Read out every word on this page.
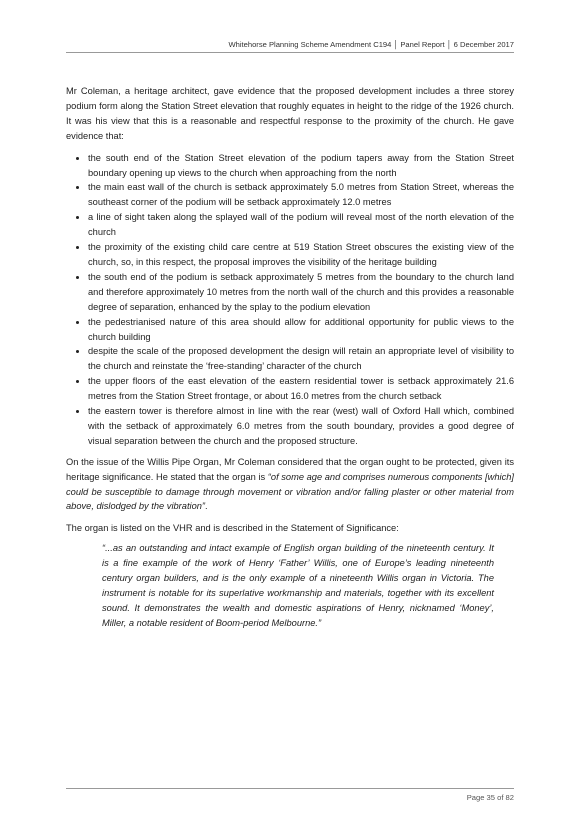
Whitehorse Planning Scheme Amendment C194 │ Panel Report │ 6 December 2017

Mr Coleman, a heritage architect, gave evidence that the proposed development includes a three storey podium form along the Station Street elevation that roughly equates in height to the ridge of the 1926 church. It was his view that this is a reasonable and respectful response to the proximity of the church. He gave evidence that:

• the south end of the Station Street elevation of the podium tapers away from the Station Street boundary opening up views to the church when approaching from the north
• the main east wall of the church is setback approximately 5.0 metres from Station Street, whereas the southeast corner of the podium will be setback approximately 12.0 metres
• a line of sight taken along the splayed wall of the podium will reveal most of the north elevation of the church
• the proximity of the existing child care centre at 519 Station Street obscures the existing view of the church, so, in this respect, the proposal improves the visibility of the heritage building
• the south end of the podium is setback approximately 5 metres from the boundary to the church land and therefore approximately 10 metres from the north wall of the church and this provides a reasonable degree of separation, enhanced by the splay to the podium elevation
• the pedestrianised nature of this area should allow for additional opportunity for public views to the church building
• despite the scale of the proposed development the design will retain an appropriate level of visibility to the church and reinstate the ‘free-standing’ character of the church
• the upper floors of the east elevation of the eastern residential tower is setback approximately 21.6 metres from the Station Street frontage, or about 16.0 metres from the church setback
• the eastern tower is therefore almost in line with the rear (west) wall of Oxford Hall which, combined with the setback of approximately 6.0 metres from the south boundary, provides a good degree of visual separation between the church and the proposed structure.

On the issue of the Willis Pipe Organ, Mr Coleman considered that the organ ought to be protected, given its heritage significance. He stated that the organ is “of some age and comprises numerous components [which] could be susceptible to damage through movement or vibration and/or falling plaster or other material from above, dislodged by the vibration”.

The organ is listed on the VHR and is described in the Statement of Significance:

“...as an outstanding and intact example of English organ building of the nineteenth century. It is a fine example of the work of Henry ‘Father’ Willis, one of Europe’s leading nineteenth century organ builders, and is the only example of a nineteenth Willis organ in Victoria. The instrument is notable for its superlative workmanship and materials, together with its excellent sound. It demonstrates the wealth and domestic aspirations of Henry, nicknamed ‘Money’, Miller, a notable resident of Boom-period Melbourne.”
Page 35 of 82
